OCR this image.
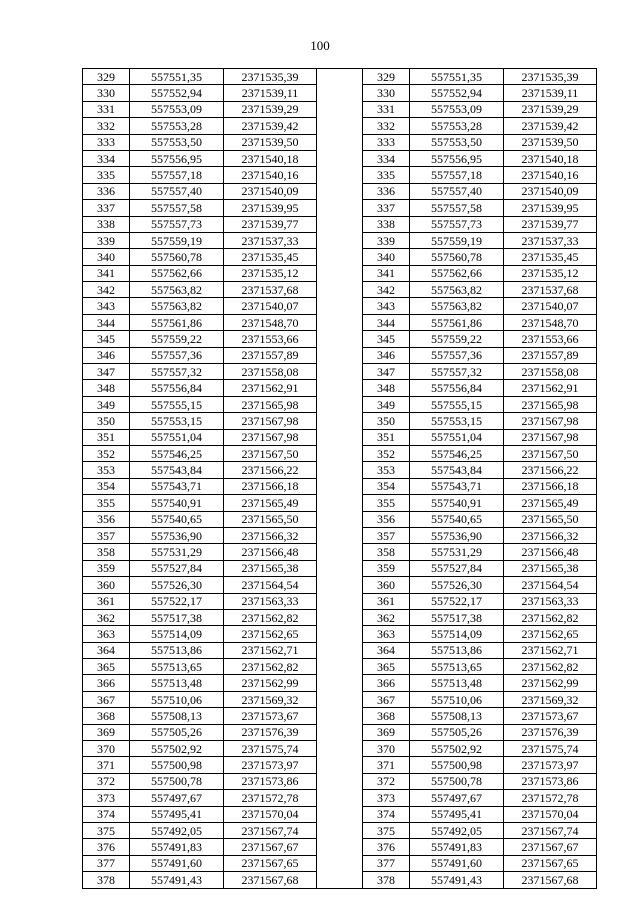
100
329	557551,35	2371535,39		329	557551,35	2371535,39
330	557552,94	2371539,11		330	557552,94	2371539,11
331	557553,09	2371539,29		331	557553,09	2371539,29
332	557553,28	2371539,42		332	557553,28	2371539,42
333	557553,50	2371539,50		333	557553,50	2371539,50
334	557556,95	2371540,18		334	557556,95	2371540,18
335	557557,18	2371540,16		335	557557,18	2371540,16
336	557557,40	2371540,09		336	557557,40	2371540,09
337	557557,58	2371539,95		337	557557,58	2371539,95
338	557557,73	2371539,77		338	557557,73	2371539,77
339	557559,19	2371537,33		339	557559,19	2371537,33
340	557560,78	2371535,45		340	557560,78	2371535,45
341	557562,66	2371535,12		341	557562,66	2371535,12
342	557563,82	2371537,68		342	557563,82	2371537,68
343	557563,82	2371540,07		343	557563,82	2371540,07
344	557561,86	2371548,70		344	557561,86	2371548,70
345	557559,22	2371553,66		345	557559,22	2371553,66
346	557557,36	2371557,89		346	557557,36	2371557,89
347	557557,32	2371558,08		347	557557,32	2371558,08
348	557556,84	2371562,91		348	557556,84	2371562,91
349	557555,15	2371565,98		349	557555,15	2371565,98
350	557553,15	2371567,98		350	557553,15	2371567,98
351	557551,04	2371567,98		351	557551,04	2371567,98
352	557546,25	2371567,50		352	557546,25	2371567,50
353	557543,84	2371566,22		353	557543,84	2371566,22
354	557543,71	2371566,18		354	557543,71	2371566,18
355	557540,91	2371565,49		355	557540,91	2371565,49
356	557540,65	2371565,50		356	557540,65	2371565,50
357	557536,90	2371566,32		357	557536,90	2371566,32
358	557531,29	2371566,48		358	557531,29	2371566,48
359	557527,84	2371565,38		359	557527,84	2371565,38
360	557526,30	2371564,54		360	557526,30	2371564,54
361	557522,17	2371563,33		361	557522,17	2371563,33
362	557517,38	2371562,82		362	557517,38	2371562,82
363	557514,09	2371562,65		363	557514,09	2371562,65
364	557513,86	2371562,71		364	557513,86	2371562,71
365	557513,65	2371562,82		365	557513,65	2371562,82
366	557513,48	2371562,99		366	557513,48	2371562,99
367	557510,06	2371569,32		367	557510,06	2371569,32
368	557508,13	2371573,67		368	557508,13	2371573,67
369	557505,26	2371576,39		369	557505,26	2371576,39
370	557502,92	2371575,74		370	557502,92	2371575,74
371	557500,98	2371573,97		371	557500,98	2371573,97
372	557500,78	2371573,86		372	557500,78	2371573,86
373	557497,67	2371572,78		373	557497,67	2371572,78
374	557495,41	2371570,04		374	557495,41	2371570,04
375	557492,05	2371567,74		375	557492,05	2371567,74
376	557491,83	2371567,67		376	557491,83	2371567,67
377	557491,60	2371567,65		377	557491,60	2371567,65
378	557491,43	2371567,68		378	557491,43	2371567,68
